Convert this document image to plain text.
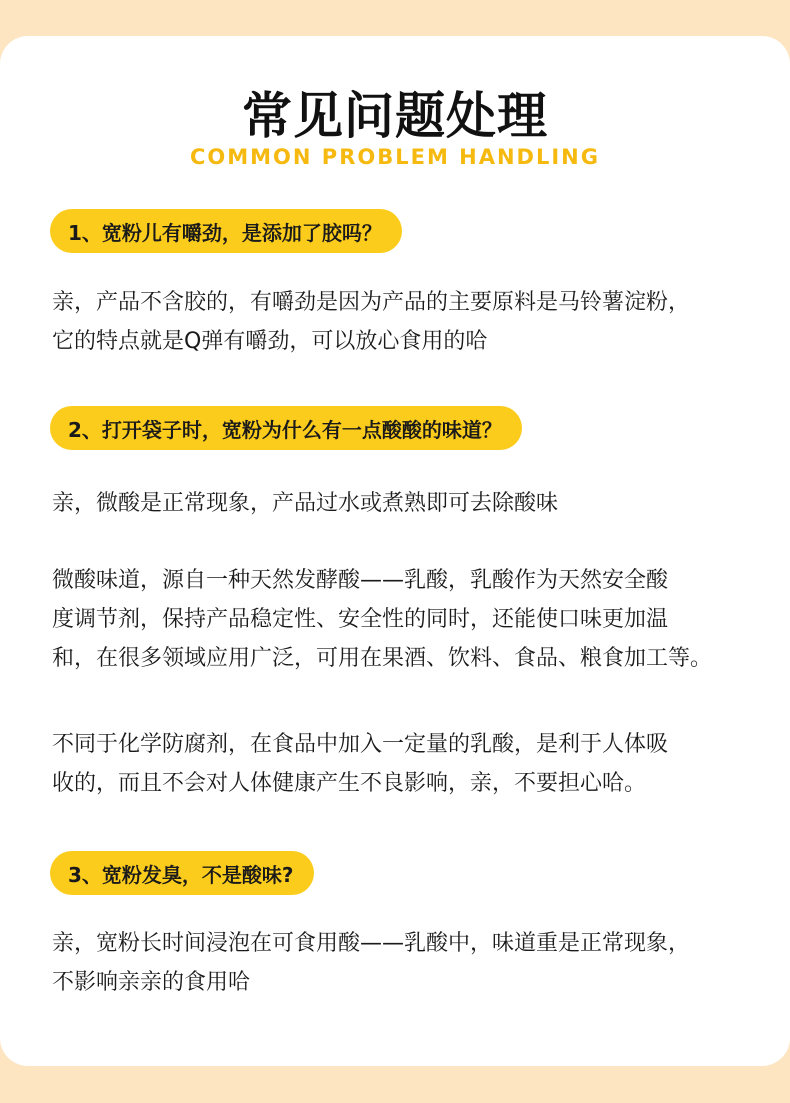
常见问题处理
COMMON PROBLEM HANDLING
1、宽粉儿有嚼劲，是添加了胶吗？

亲，产品不含胶的，有嚼劲是因为产品的主要原料是马铃薯淀粉，
它的特点就是Q弹有嚼劲，可以放心食用的哈

2、打开袋子时，宽粉为什么有一点酸酸的味道？

亲，微酸是正常现象，产品过水或煮熟即可去除酸味

微酸味道，源自一种天然发酵酸——乳酸，乳酸作为天然安全酸
度调节剂，保持产品稳定性、安全性的同时，还能使口味更加温
和，在很多领域应用广泛，可用在果酒、饮料、食品、粮食加工等。

不同于化学防腐剂，在食品中加入一定量的乳酸，是利于人体吸
收的，而且不会对人体健康产生不良影响，亲，不要担心哈。

3、宽粉发臭，不是酸味?

亲，宽粉长时间浸泡在可食用酸——乳酸中，味道重是正常现象，
不影响亲亲的食用哈
